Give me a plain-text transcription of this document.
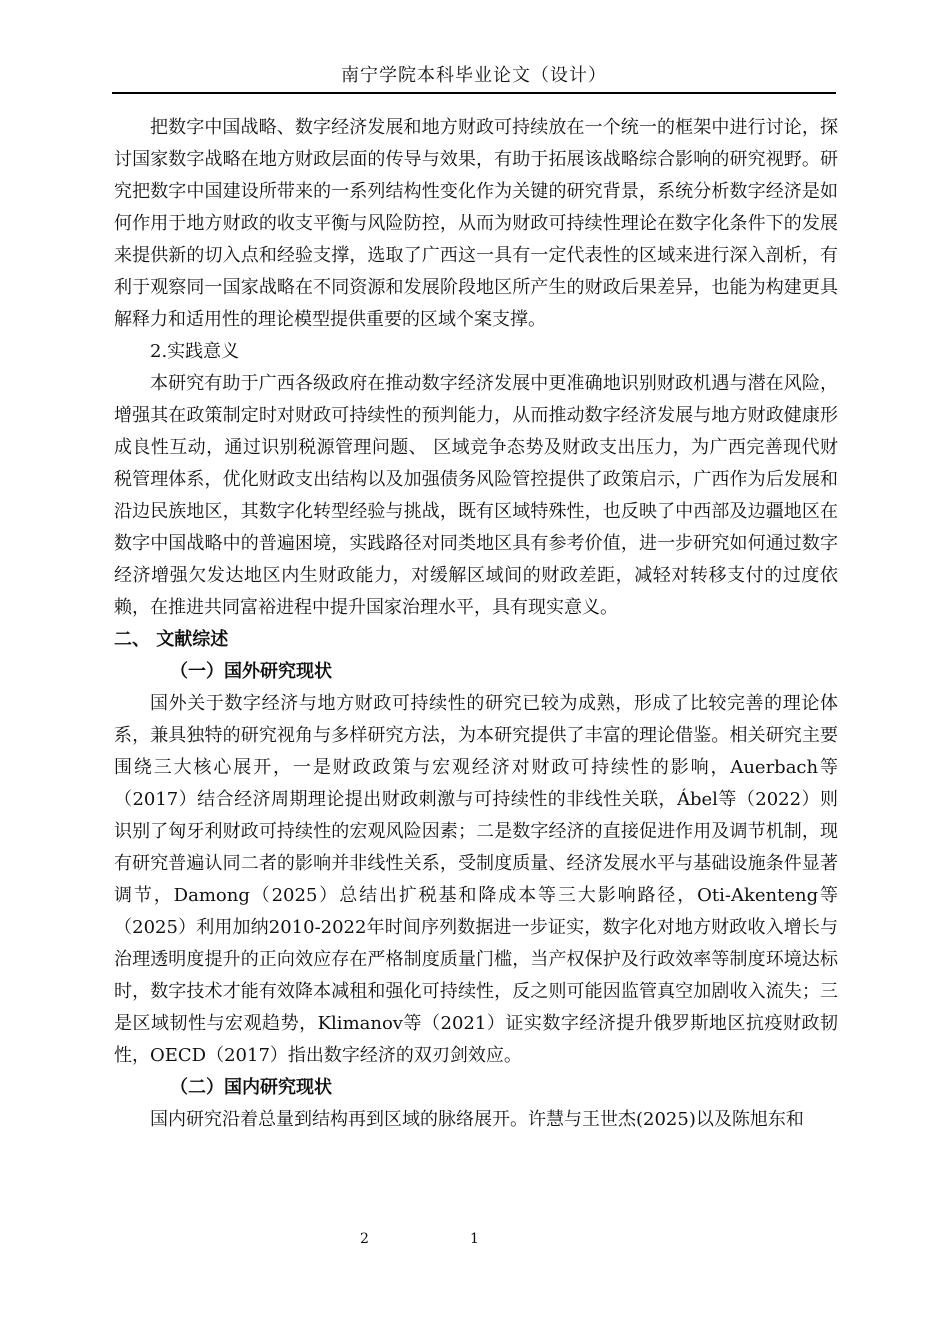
南宁学院本科毕业论文（设计）

把数字中国战略、数字经济发展和地方财政可持续放在一个统一的框架中进行讨论，探讨国家数字战略在地方财政层面的传导与效果，有助于拓展该战略综合影响的研究视野。研究把数字中国建设所带来的一系列结构性变化作为关键的研究背景，系统分析数字经济是如何作用于地方财政的收支平衡与风险防控，从而为财政可持续性理论在数字化条件下的发展来提供新的切入点和经验支撑，选取了广西这一具有一定代表性的区域来进行深入剖析，有利于观察同一国家战略在不同资源和发展阶段地区所产生的财政后果差异，也能为构建更具解释力和适用性的理论模型提供重要的区域个案支撑。

2.实践意义

本研究有助于广西各级政府在推动数字经济发展中更准确地识别财政机遇与潜在风险，增强其在政策制定时对财政可持续性的预判能力，从而推动数字经济发展与地方财政健康形成良性互动，通过识别税源管理问题、 区域竞争态势及财政支出压力，为广西完善现代财税管理体系，优化财政支出结构以及加强债务风险管控提供了政策启示，广西作为后发展和沿边民族地区，其数字化转型经验与挑战，既有区域特殊性，也反映了中西部及边疆地区在数字中国战略中的普遍困境，实践路径对同类地区具有参考价值，进一步研究如何通过数字经济增强欠发达地区内生财政能力，对缓解区域间的财政差距，减轻对转移支付的过度依赖，在推进共同富裕进程中提升国家治理水平，具有现实意义。

二、 文献综述

（一）国外研究现状

国外关于数字经济与地方财政可持续性的研究已较为成熟，形成了比较完善的理论体系，兼具独特的研究视角与多样研究方法，为本研究提供了丰富的理论借鉴。相关研究主要围绕三大核心展开，一是财政政策与宏观经济对财政可持续性的影响，Auerbach等（2017）结合经济周期理论提出财政刺激与可持续性的非线性关联，Ábel等（2022）则识别了匈牙利财政可持续性的宏观风险因素；二是数字经济的直接促进作用及调节机制，现有研究普遍认同二者的影响并非线性关系，受制度质量、经济发展水平与基础设施条件显著调节，Damong（2025）总结出扩税基和降成本等三大影响路径，Oti-Akenteng等（2025）利用加纳2010-2022年时间序列数据进一步证实，数字化对地方财政收入增长与治理透明度提升的正向效应存在严格制度质量门槛，当产权保护及行政效率等制度环境达标时，数字技术才能有效降本减租和强化可持续性，反之则可能因监管真空加剧收入流失；三是区域韧性与宏观趋势，Klimanov等（2021）证实数字经济提升俄罗斯地区抗疫财政韧性，OECD（2017）指出数字经济的双刃剑效应。

（二）国内研究现状

国内研究沿着总量到结构再到区域的脉络展开。许慧与王世杰(2025)以及陈旭东和

2	1
